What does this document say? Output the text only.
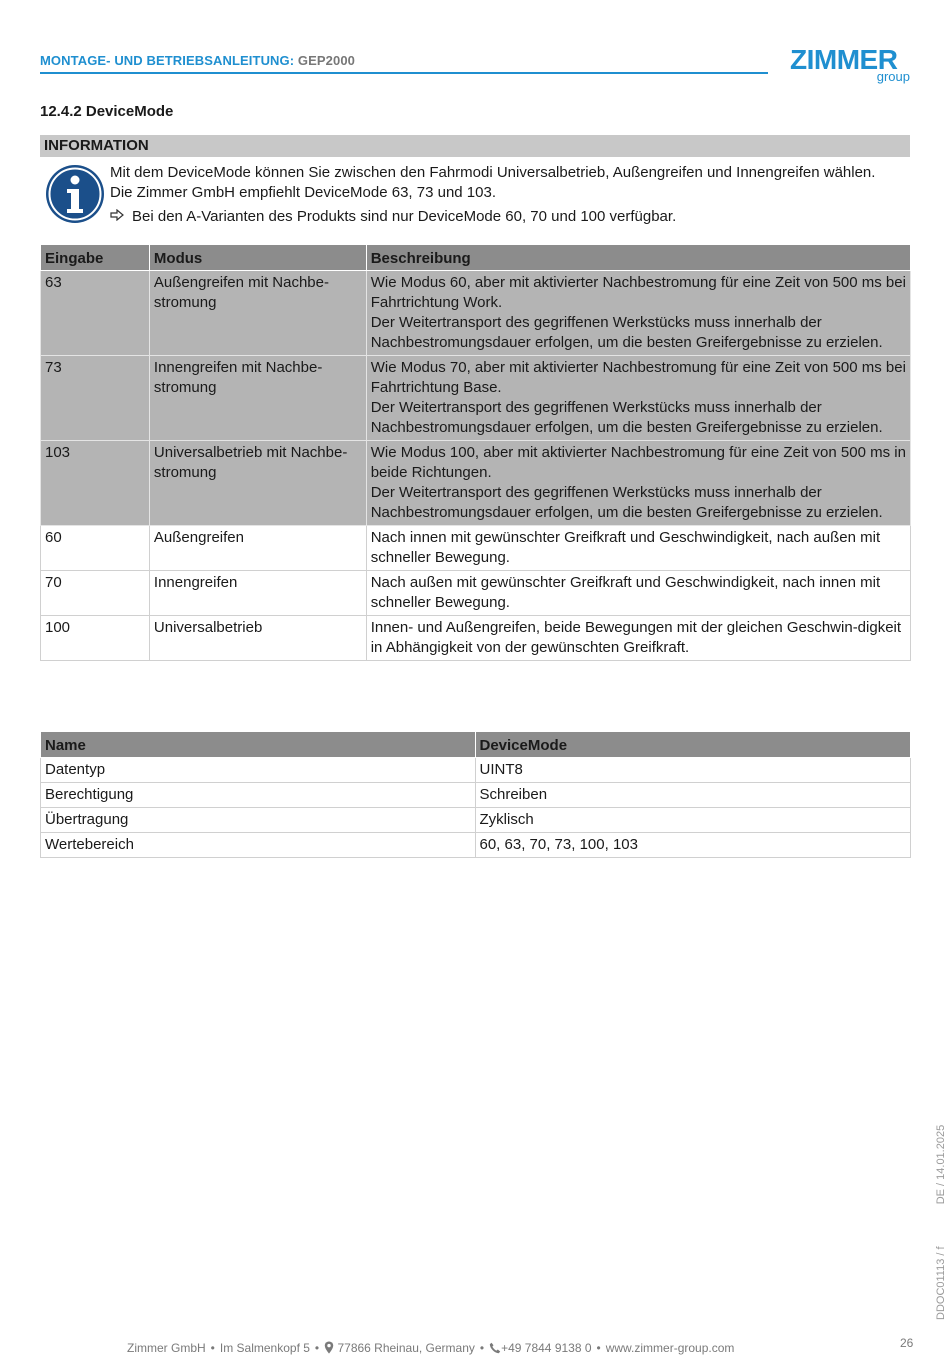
MONTAGE- UND BETRIEBSANLEITUNG: GEP2000	ZIMMER
group
12.4.2 DeviceMode
INFORMATION
Mit dem DeviceMode können Sie zwischen den Fahrmodi Universalbetrieb, Außengreifen und Innengreifen wählen. Die Zimmer GmbH empfiehlt DeviceMode 63, 73 und 103.
Bei den A-Varianten des Produkts sind nur DeviceMode 60, 70 und 100 verfügbar.
Eingabe	Modus	Beschreibung
63	Außengreifen mit Nachbe-stromung	Wie Modus 60, aber mit aktivierter Nachbestromung für eine Zeit von 500 ms bei Fahrtrichtung Work.
Der Weitertransport des gegriffenen Werkstücks muss innerhalb der Nachbestromungsdauer erfolgen, um die besten Greifergebnisse zu erzielen.

73	Innengreifen mit Nachbe-stromung	Wie Modus 70, aber mit aktivierter Nachbestromung für eine Zeit von 500 ms bei Fahrtrichtung Base.
Der Weitertransport des gegriffenen Werkstücks muss innerhalb der Nachbestromungsdauer erfolgen, um die besten Greifergebnisse zu erzielen.

103	Universalbetrieb mit Nachbe-stromung	Wie Modus 100, aber mit aktivierter Nachbestromung für eine Zeit von 500 ms in beide Richtungen.
Der Weitertransport des gegriffenen Werkstücks muss innerhalb der Nachbestromungsdauer erfolgen, um die besten Greifergebnisse zu erzielen.

60	Außengreifen	Nach innen mit gewünschter Greifkraft und Geschwindigkeit, nach außen mit schneller Bewegung.
70	Innengreifen	Nach außen mit gewünschter Greifkraft und Geschwindigkeit, nach innen mit schneller Bewegung.
100	Universalbetrieb	Innen- und Außengreifen, beide Bewegungen mit der gleichen Geschwin-digkeit in Abhängigkeit von der gewünschten Greifkraft.
Name	DeviceMode
Datentyp	UINT8
Berechtigung	Schreiben
Übertragung	Zyklisch
Wertebereich	60, 63, 70, 73, 100, 103
DDOC01113 / f  DE / 14.01.2025
Zimmer GmbH • Im Salmenkopf 5 • 77866 Rheinau, Germany • +49 7844 9138 0 • www.zimmer-group.com	26
